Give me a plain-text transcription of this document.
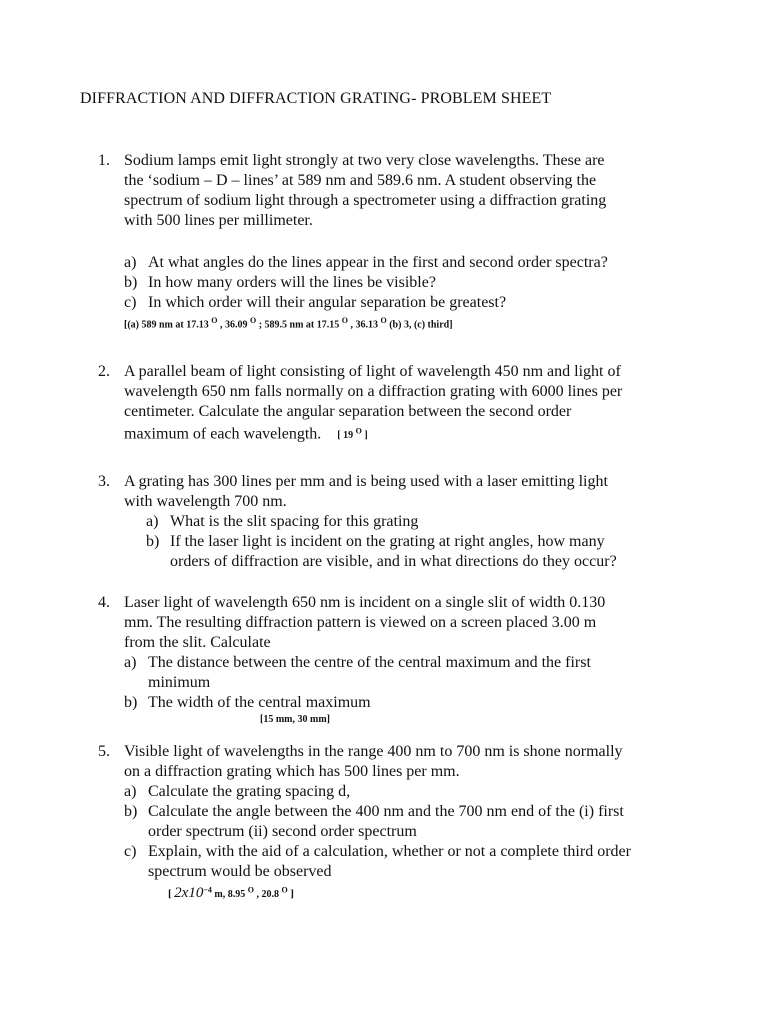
DIFFRACTION AND DIFFRACTION GRATING- PROBLEM SHEET
1. Sodium lamps emit light strongly at two very close wavelengths. These are
the ‘sodium – D – lines’ at 589 nm and 589.6 nm. A student observing the
spectrum of sodium light through a spectrometer using a diffraction grating
with 500 lines per millimeter.
a) At what angles do the lines appear in the first and second order spectra?
b) In how many orders will the lines be visible?
c) In which order will their angular separation be greatest?
[(a) 589 nm at 17.13 $^O$ , 36.09 $^O$ ; 589.5 nm at 17.15 $^O$ , 36.13 $^O$ (b) 3, (c) third]
2. A parallel beam of light consisting of light of wavelength 450 nm and light of
wavelength 650 nm falls normally on a diffraction grating with 6000 lines per
centimeter. Calculate the angular separation between the second order
maximum of each wavelength. [ 19 $^O$ ]
3. A grating has 300 lines per mm and is being used with a laser emitting light
with wavelength 700 nm.
a) What is the slit spacing for this grating
b) If the laser light is incident on the grating at right angles, how many
orders of diffraction are visible, and in what directions do they occur?
4. Laser light of wavelength 650 nm is incident on a single slit of width 0.130
mm. The resulting diffraction pattern is viewed on a screen placed 3.00 m
from the slit. Calculate
a) The distance between the centre of the central maximum and the first
minimum
b) The width of the central maximum
[15 mm, 30 mm]
5. Visible light of wavelengths in the range 400 nm to 700 nm is shone normally
on a diffraction grating which has 500 lines per mm.
a) Calculate the grating spacing d,
b) Calculate the angle between the 400 nm and the 700 nm end of the (i) first
order spectrum (ii) second order spectrum
c) Explain, with the aid of a calculation, whether or not a complete third order
spectrum would be observed
[ $2x10^{-4}$ m, 8.95 $^O$ , 20.8 $^O$ ]
